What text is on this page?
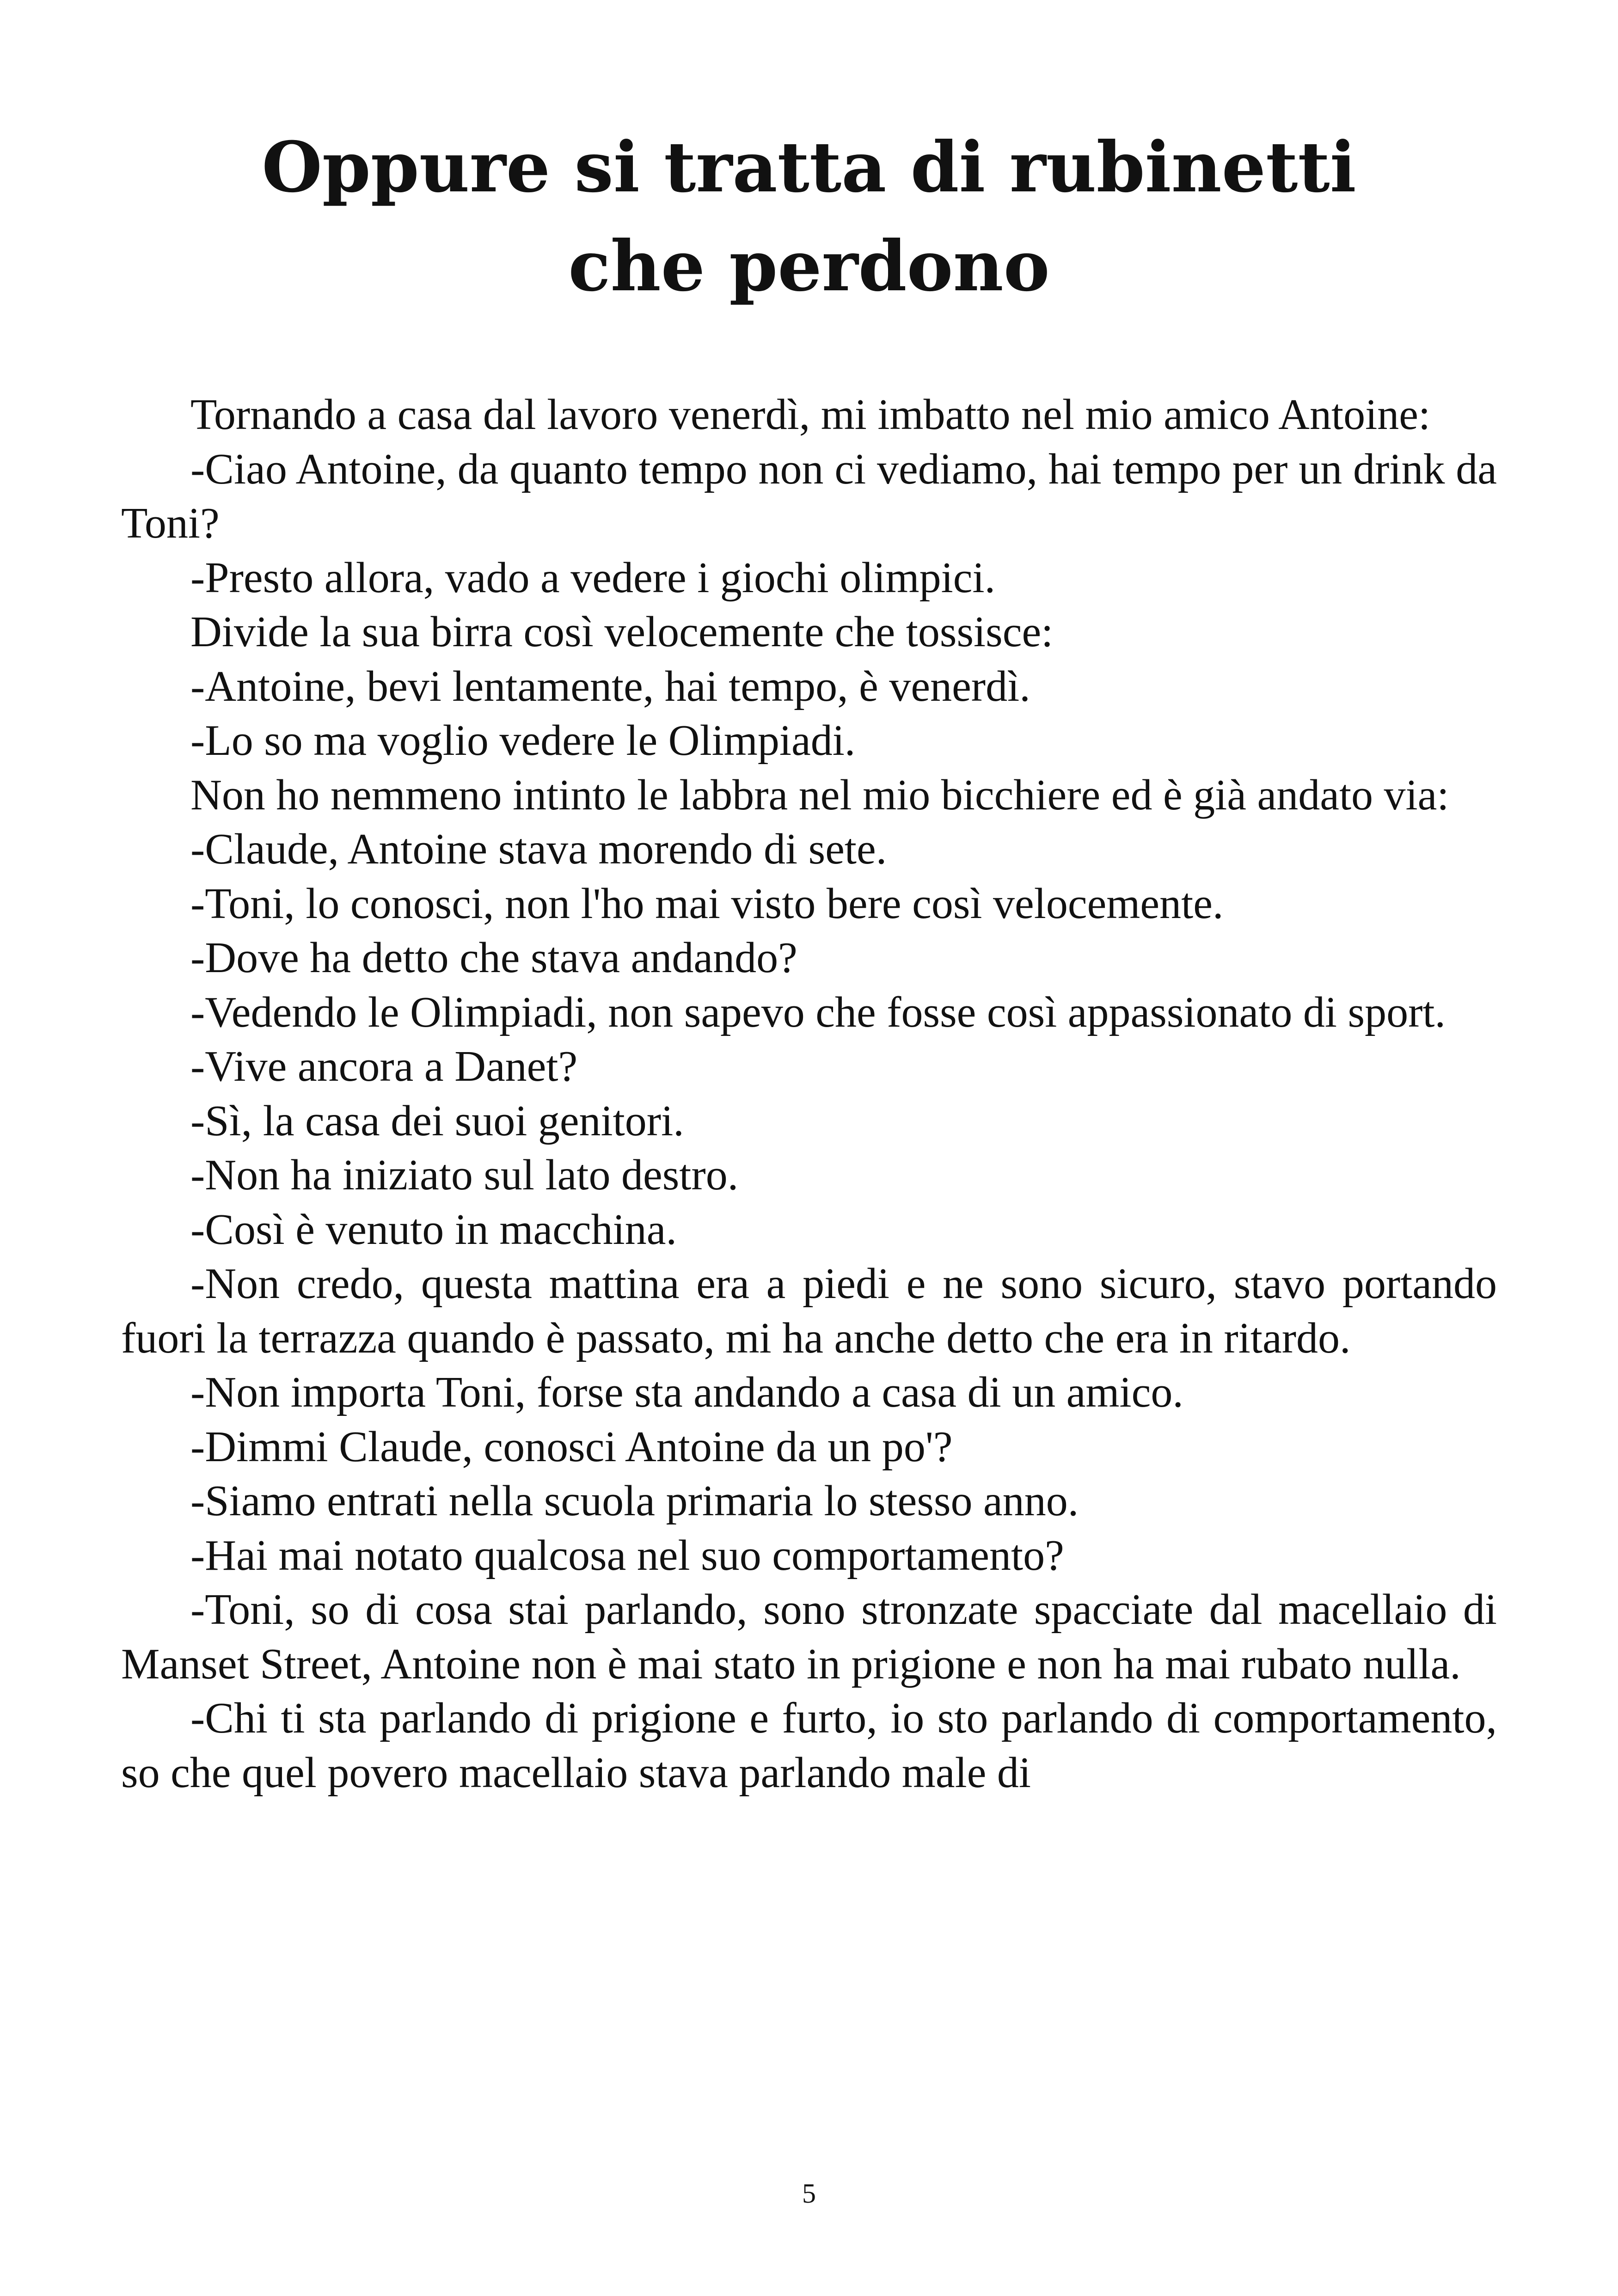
Oppure si tratta di rubinetti che perdono

Tornando a casa dal lavoro venerdì, mi imbatto nel mio amico Antoine:

-Ciao Antoine, da quanto tempo non ci vediamo, hai tempo per un drink da Toni?

-Presto allora, vado a vedere i giochi olimpici.

Divide la sua birra così velocemente che tossisce:

-Antoine, bevi lentamente, hai tempo, è venerdì.

-Lo so ma voglio vedere le Olimpiadi.

Non ho nemmeno intinto le labbra nel mio bicchiere ed è già andato via:

-Claude, Antoine stava morendo di sete.

-Toni, lo conosci, non l'ho mai visto bere così velocemente.

-Dove ha detto che stava andando?

-Vedendo le Olimpiadi, non sapevo che fosse così appassionato di sport.

-Vive ancora a Danet?

-Sì, la casa dei suoi genitori.

-Non ha iniziato sul lato destro.

-Così è venuto in macchina.

-Non credo, questa mattina era a piedi e ne sono sicuro, stavo portando fuori la terrazza quando è passato, mi ha anche detto che era in ritardo.

-Non importa Toni, forse sta andando a casa di un amico.

-Dimmi Claude, conosci Antoine da un po'?

-Siamo entrati nella scuola primaria lo stesso anno.

-Hai mai notato qualcosa nel suo comportamento?

-Toni, so di cosa stai parlando, sono stronzate spacciate dal macellaio di Manset Street, Antoine non è mai stato in prigione e non ha mai rubato nulla.

-Chi ti sta parlando di prigione e furto, io sto parlando di comportamento, so che quel povero macellaio stava parlando male di

5
